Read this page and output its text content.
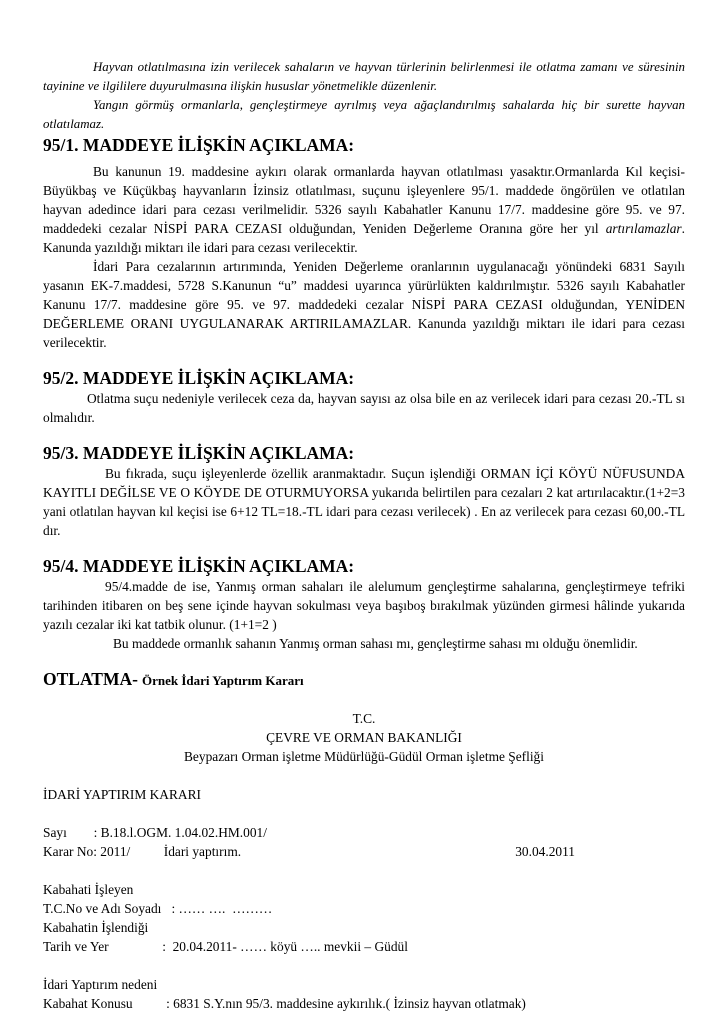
Hayvan otlatılmasına izin verilecek sahaların ve hayvan türlerinin belirlenmesi ile otlatma zamanı ve süresinin tayinine ve ilgililere duyurulmasına ilişkin hususlar yönetmelikle düzenlenir.

Yangın görmüş ormanlarla, gençleştirmeye ayrılmış veya ağaçlandırılmış sahalarda hiç bir surette hayvan otlatılamaz.

95/1. MADDEYE İLİŞKİN AÇIKLAMA:

Bu kanunun 19. maddesine aykırı olarak ormanlarda hayvan otlatılması yasaktır.Ormanlarda Kıl keçisi-Büyükbaş ve Küçükbaş hayvanların İzinsiz otlatılması, suçunu işleyenlere 95/1. maddede öngörülen ve otlatılan hayvan adedince idari para cezası verilmelidir. 5326 sayılı Kabahatler Kanunu 17/7. maddesine göre 95. ve 97. maddedeki cezalar NİSPİ PARA CEZASI olduğundan, Yeniden Değerleme Oranına göre her yıl artırılamazlar. Kanunda yazıldığı miktarı ile idari para cezası verilecektir.

İdari Para cezalarının artırımında, Yeniden Değerleme oranlarının uygulanacağı yönündeki 6831 Sayılı yasanın EK-7.maddesi, 5728 S.Kanunun “u” maddesi uyarınca yürürlükten kaldırılmıştır. 5326 sayılı Kabahatler Kanunu 17/7. maddesine göre 95. ve 97. maddedeki cezalar NİSPİ PARA CEZASI olduğundan, YENİDEN DEĞERLEME ORANI UYGULANARAK ARTIRILAMAZLAR. Kanunda yazıldığı miktarı ile idari para cezası verilecektir.

95/2. MADDEYE İLİŞKİN AÇIKLAMA:

Otlatma suçu nedeniyle verilecek ceza da, hayvan sayısı az olsa bile en az verilecek idari para cezası 20.-TL sı olmalıdır.

95/3. MADDEYE İLİŞKİN AÇIKLAMA:

Bu fıkrada, suçu işleyenlerde özellik aranmaktadır. Suçun işlendiği ORMAN İÇİ KÖYÜ NÜFUSUNDA KAYITLI DEĞİLSE VE O KÖYDE DE OTURMUYORSA yukarıda belirtilen para cezaları 2 kat artırılacaktır.(1+2=3 yani otlatılan hayvan kıl keçisi ise 6+12 TL=18.-TL idari para cezası verilecek) . En az verilecek para cezası 60,00.-TL dır.

95/4. MADDEYE İLİŞKİN AÇIKLAMA:

95/4.madde de ise, Yanmış orman sahaları ile alelumum gençleştirme sahalarına, gençleştirmeye tefriki tarihinden itibaren on beş sene içinde hayvan sokulması veya başıboş bırakılmak yüzünden girmesi hâlinde yukarıda yazılı cezalar iki kat tatbik olunur. (1+1=2 )

Bu maddede ormanlık sahanın Yanmış orman sahası mı, gençleştirme sahası mı olduğu önemlidir.

OTLATMA- Örnek İdari Yaptırım Kararı

T.C.

ÇEVRE VE ORMAN BAKANLIĞI

Beypazarı Orman işletme Müdürlüğü-Güdül Orman işletme Şefliği

İDARİ YAPTIRIM KARARI

Sayı        : B.18.l.OGM. 1.04.02.HM.001/

Karar No: 2011/          İdari yaptırım.	30.04.2011

Kabahati İşleyen

T.C.No ve Adı Soyadı   : …… ….  ………

Kabahatin İşlendiği

Tarih ve Yer                :  20.04.2011- …… köyü ….. mevkii – Güdül

İdari Yaptırım nedeni

Kabahat Konusu          : 6831 S.Y.nın 95/3. maddesine aykırılık.( İzinsiz hayvan otlatmak)
